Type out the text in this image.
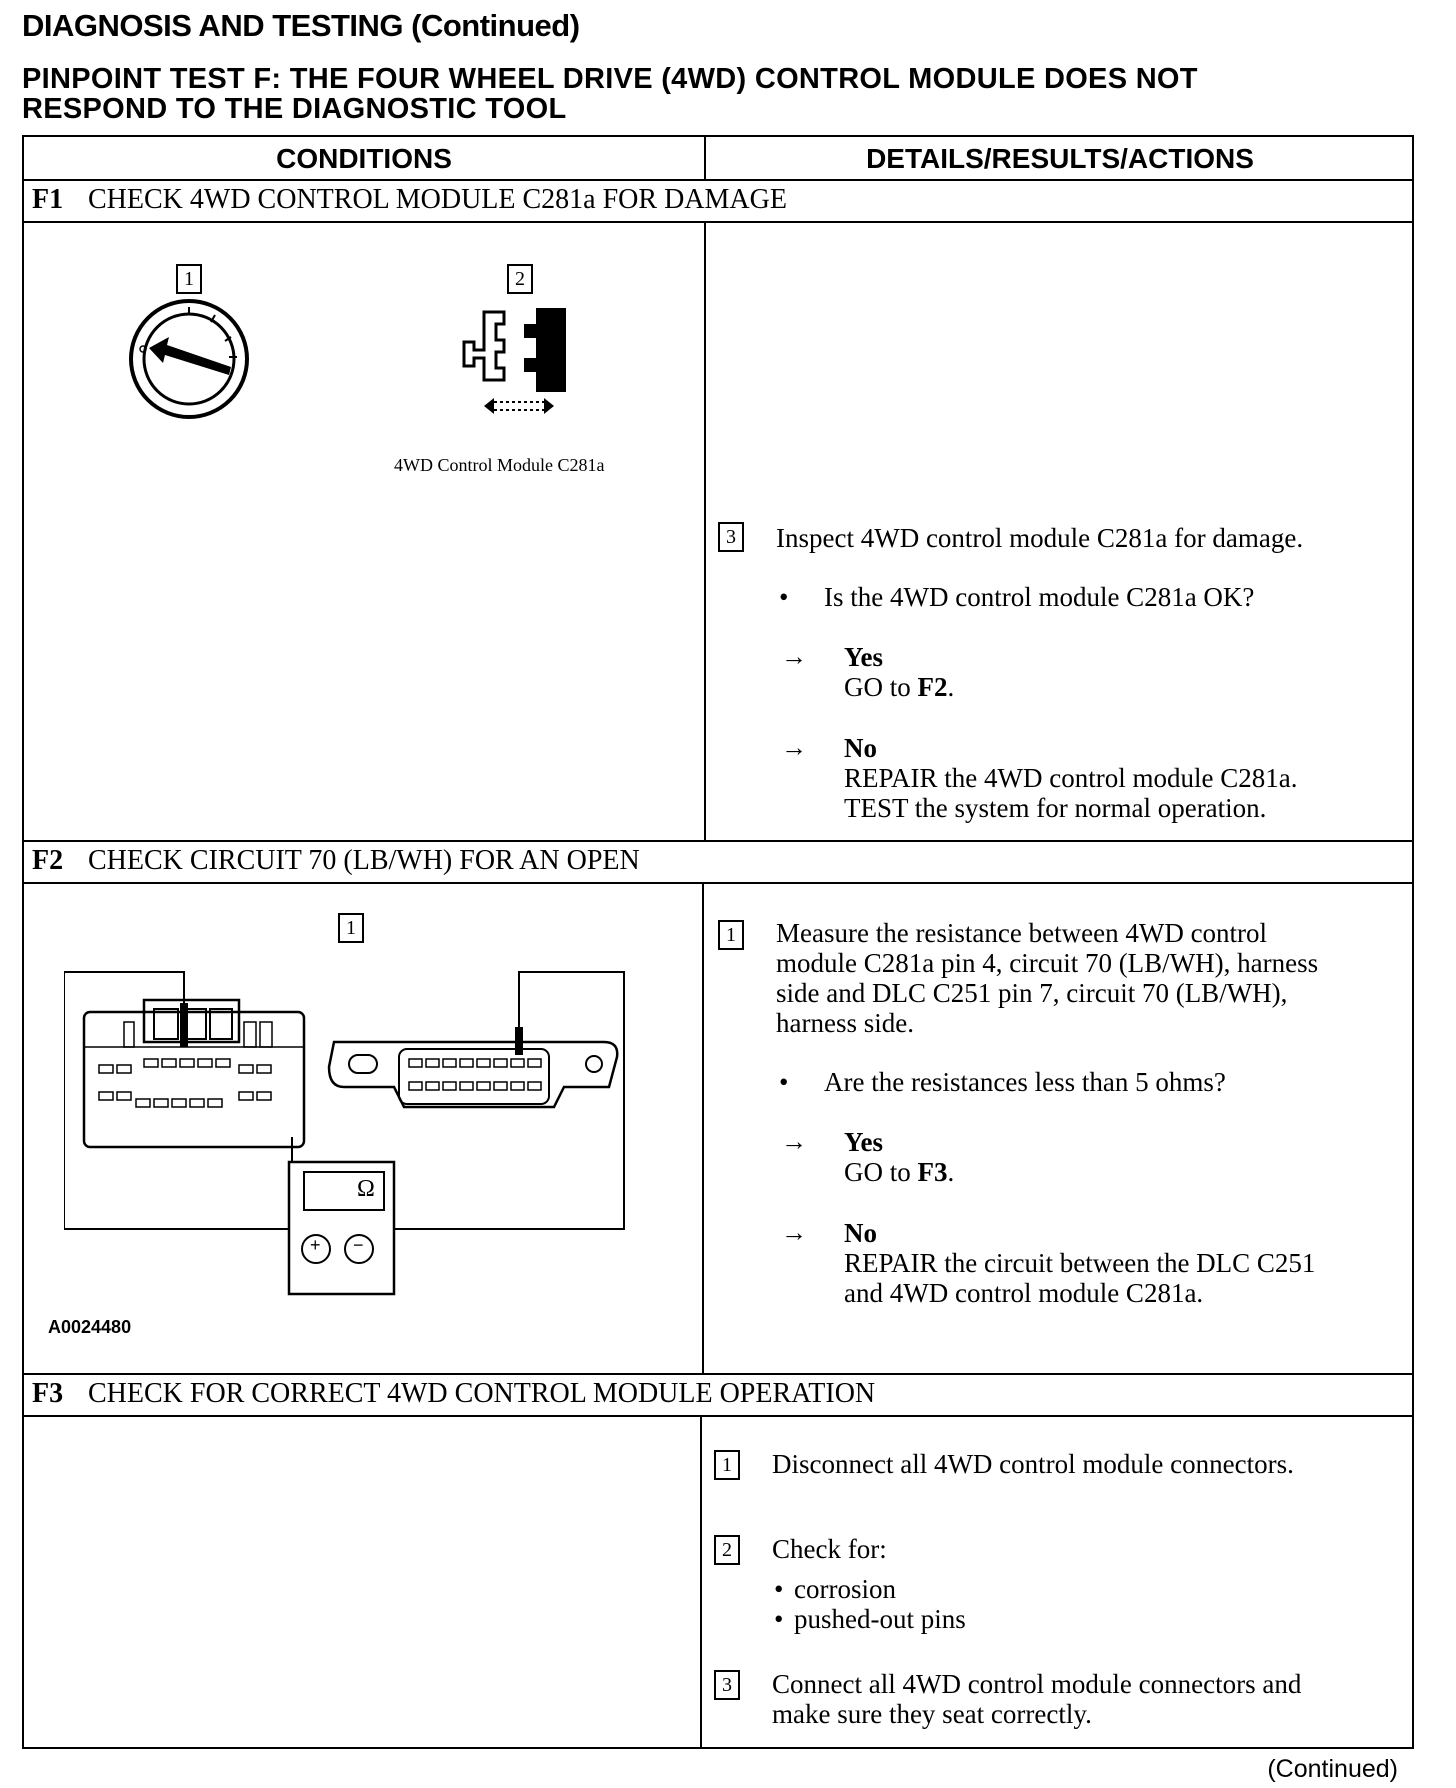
DIAGNOSIS AND TESTING (Continued)
PINPOINT TEST F: THE FOUR WHEEL DRIVE (4WD) CONTROL MODULE DOES NOT RESPOND TO THE DIAGNOSTIC TOOL
CONDITIONS	DETAILS/RESULTS/ACTIONS
F1 CHECK 4WD CONTROL MODULE C281a FOR DAMAGE
1	2
4WD Control Module C281a
3 Inspect 4WD control module C281a for damage.
• Is the 4WD control module C281a OK?
→ Yes
GO to F2.
→ No
REPAIR the 4WD control module C281a.
TEST the system for normal operation.
F2 CHECK CIRCUIT 70 (LB/WH) FOR AN OPEN
1
Ω
+ −
A0024480
1 Measure the resistance between 4WD control
module C281a pin 4, circuit 70 (LB/WH), harness
side and DLC C251 pin 7, circuit 70 (LB/WH),
harness side.
• Are the resistances less than 5 ohms?
→ Yes
GO to F3.
→ No
REPAIR the circuit between the DLC C251
and 4WD control module C281a.
F3 CHECK FOR CORRECT 4WD CONTROL MODULE OPERATION
1 Disconnect all 4WD control module connectors.
2 Check for:
• corrosion
• pushed-out pins
3 Connect all 4WD control module connectors and
make sure they seat correctly.
(Continued)
